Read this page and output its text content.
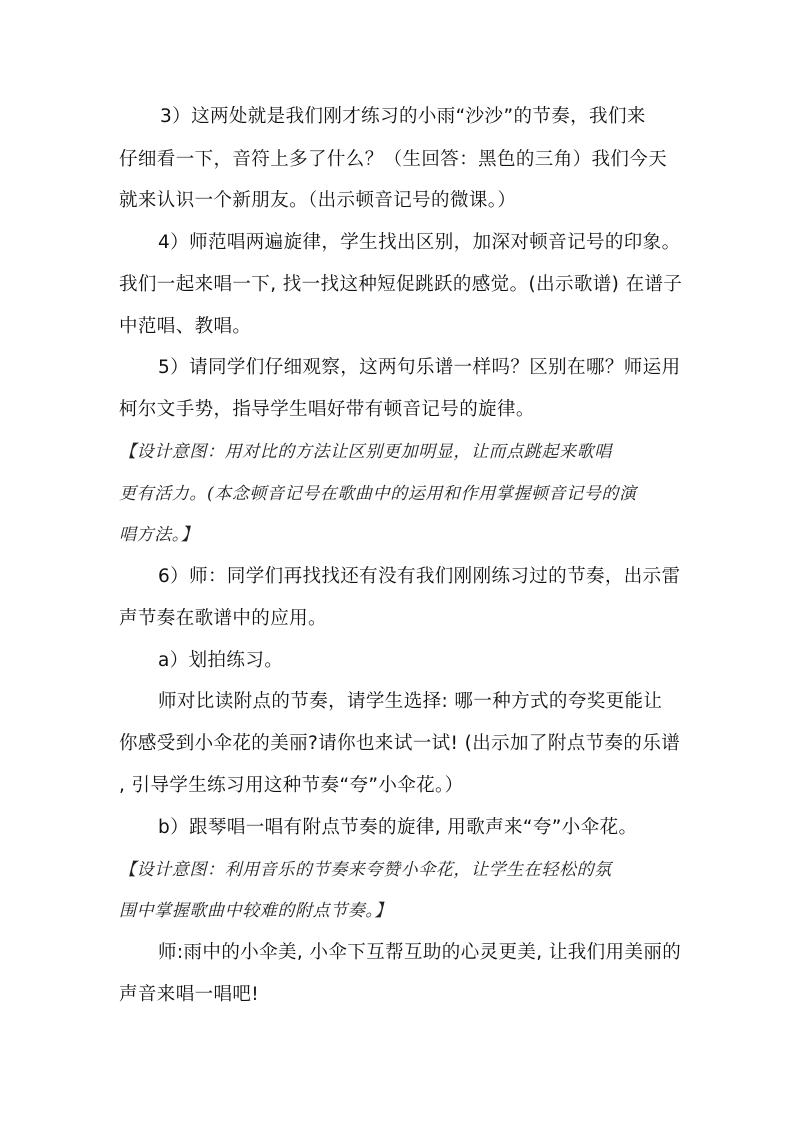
3）这两处就是我们刚才练习的小雨“沙沙”的节奏，我们来
仔细看一下，音符上多了什么？（生回答：黑色的三角）我们今天
就来认识一个新朋友。（出示顿音记号的微课。）
4）师范唱两遍旋律，学生找出区别，加深对顿音记号的印象。
我们一起来唱一下, 找一找这种短促跳跃的感觉。(出示歌谱) 在谱子
中范唱、教唱。
5）请同学们仔细观察，这两句乐谱一样吗？区别在哪？师运用
柯尔文手势，指导学生唱好带有顿音记号的旋律。
【设计意图：用对比的方法让区别更加明显，让而点跳起来歌唱
更有活力。(本念顿音记号在歌曲中的运用和作用掌握顿音记号的演
唱方法。】
6）师：同学们再找找还有没有我们刚刚练习过的节奏，出示雷
声节奏在歌谱中的应用。
a）划拍练习。
师对比读附点的节奏，请学生选择: 哪一种方式的夸奖更能让
你感受到小伞花的美丽?请你也来试一试! (出示加了附点节奏的乐谱
, 引导学生练习用这种节奏“夸”小伞花。）
b）跟琴唱一唱有附点节奏的旋律, 用歌声来“夸”小伞花。
【设计意图：利用音乐的节奏来夸赞小伞花，让学生在轻松的氛
围中掌握歌曲中较难的附点节奏。】
师:雨中的小伞美, 小伞下互帮互助的心灵更美, 让我们用美丽的
声音来唱一唱吧!
